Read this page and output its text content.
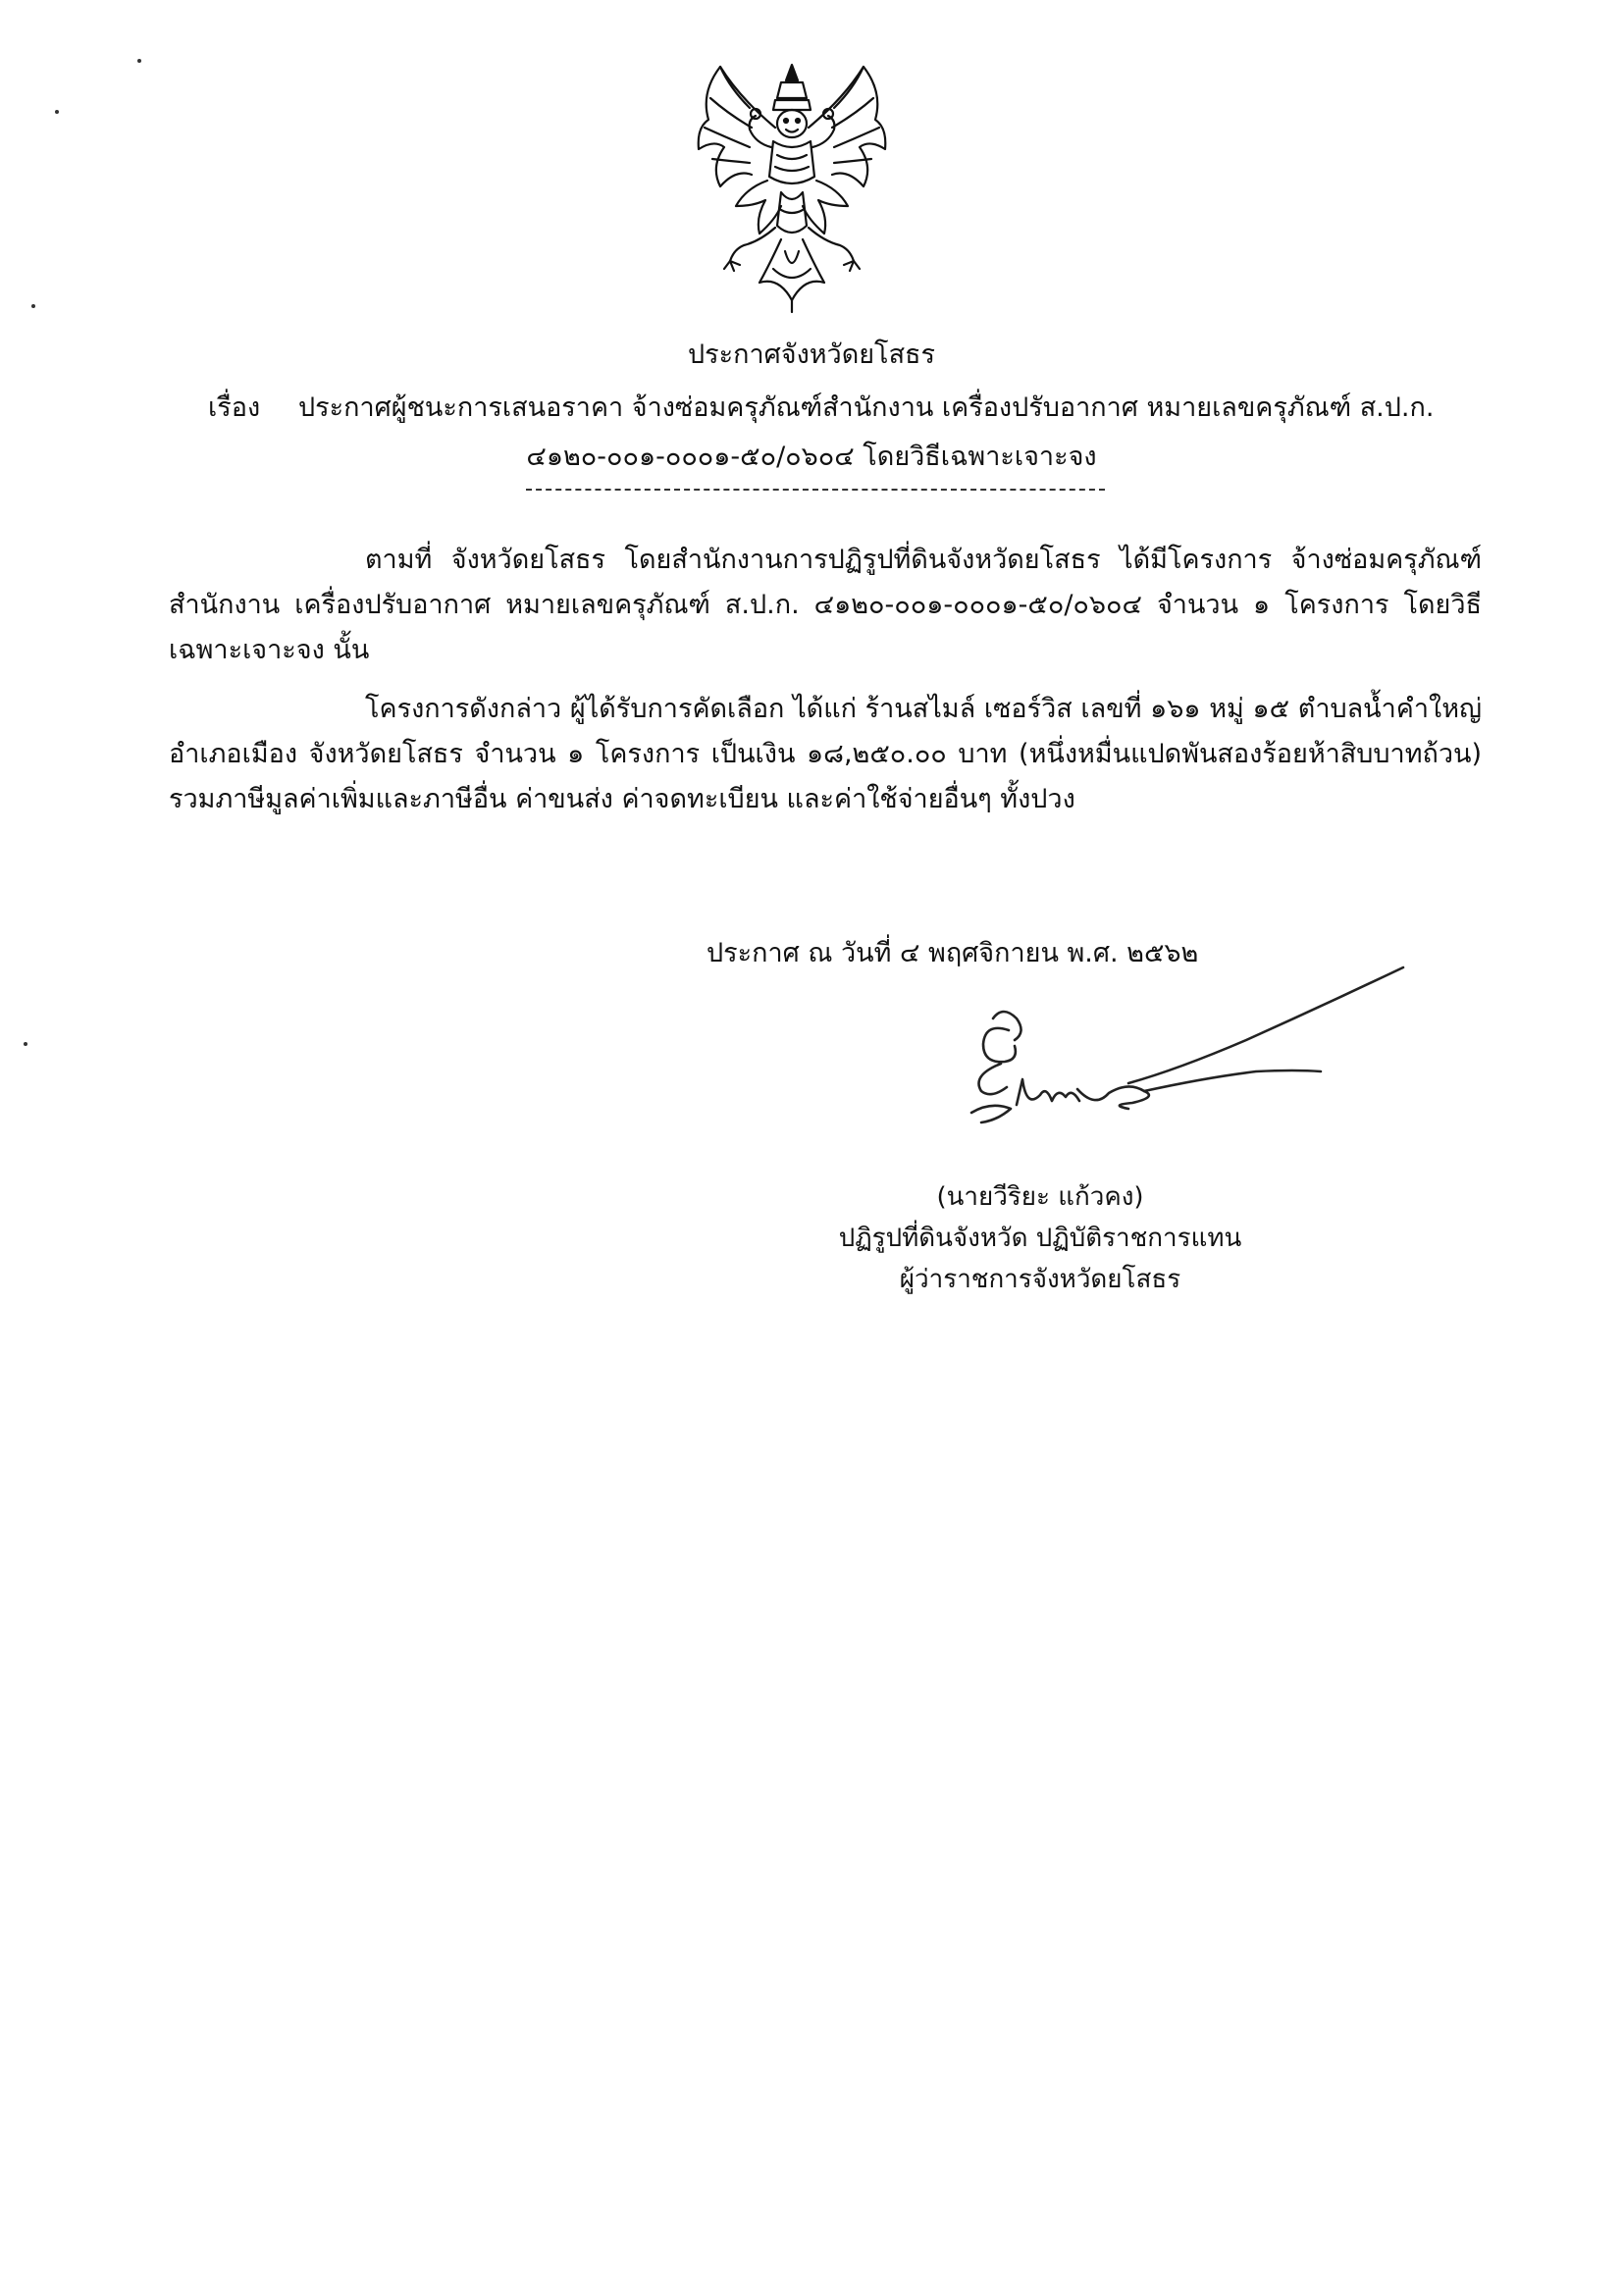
ประกาศจังหวัดยโสธร
เรื่อง ประกาศผู้ชนะการเสนอราคา จ้างซ่อมครุภัณฑ์สำนักงาน เครื่องปรับอากาศ หมายเลขครุภัณฑ์ ส.ป.ก.
๔๑๒๐-๐๐๑-๐๐๐๑-๕๐/๐๖๐๔ โดยวิธีเฉพาะเจาะจง
ตามที่ จังหวัดยโสธร โดยสำนักงานการปฏิรูปที่ดินจังหวัดยโสธร ได้มีโครงการ จ้างซ่อมครุภัณฑ์สำนักงาน เครื่องปรับอากาศ หมายเลขครุภัณฑ์ ส.ป.ก. ๔๑๒๐-๐๐๑-๐๐๐๑-๕๐/๐๖๐๔ จำนวน ๑ โครงการ โดยวิธีเฉพาะเจาะจง นั้น
โครงการดังกล่าว ผู้ได้รับการคัดเลือก ได้แก่ ร้านสไมล์ เซอร์วิส เลขที่ ๑๖๑ หมู่ ๑๕ ตำบลน้ำคำใหญ่ อำเภอเมือง จังหวัดยโสธร จำนวน ๑ โครงการ เป็นเงิน ๑๘,๒๕๐.๐๐ บาท (หนึ่งหมื่นแปดพันสองร้อยห้าสิบบาทถ้วน) รวมภาษีมูลค่าเพิ่มและภาษีอื่น ค่าขนส่ง ค่าจดทะเบียน และค่าใช้จ่ายอื่นๆ ทั้งปวง
ประกาศ ณ วันที่ ๔ พฤศจิกายน พ.ศ. ๒๕๖๒
(นายวีริยะ แก้วคง)
ปฏิรูปที่ดินจังหวัด ปฏิบัติราชการแทน
ผู้ว่าราชการจังหวัดยโสธร
